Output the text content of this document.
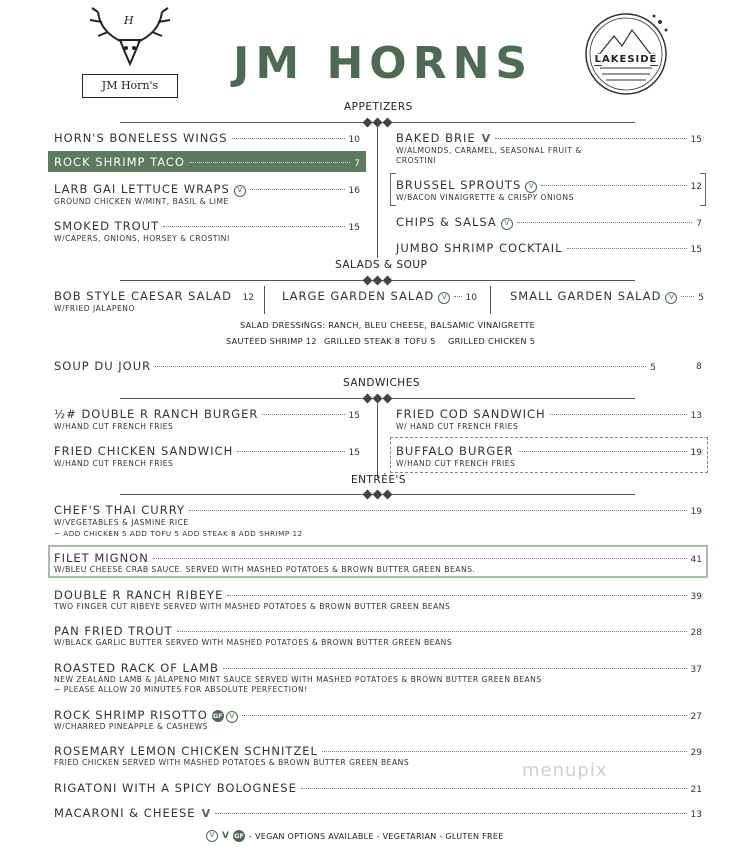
H
JM Horn's	JM HORNS	LAKESIDE
APPETIZERS
HORN'S BONELESS WINGS	10
ROCK SHRIMP TACO	7
LARB GAI LETTUCE WRAPS V	16
GROUND CHICKEN W/MINT, BASIL & LIME
SMOKED TROUT	15
W/CAPERS, ONIONS, HORSEY & CROSTINI
BAKED BRIE V	15
W/ALMONDS, CARAMEL, SEASONAL FRUIT &
CROSTINI
BRUSSEL SPROUTS V	12
W/BACON VINAIGRETTE & CRISPY ONIONS
CHIPS & SALSA V	7
JUMBO SHRIMP COCKTAIL	15
SALADS & SOUP
BOB STYLE CAESAR SALAD 12
W/FRIED JALAPENO
LARGE GARDEN SALAD V	10	SMALL GARDEN SALAD V	5
SALAD DRESSINGS: RANCH, BLEU CHEESE, BALSAMIC VINAIGRETTE
SAUTÉED SHRIMP 12 GRILLED STEAK 8 TOFU 5 GRILLED CHICKEN 5
SOUP DU JOUR	5	8
SANDWICHES
½# DOUBLE R RANCH BURGER	15
W/HAND CUT FRENCH FRIES
FRIED CHICKEN SANDWICH	15
W/HAND CUT FRENCH FRIES
FRIED COD SANDWICH	13
W/ HAND CUT FRENCH FRIES
BUFFALO BURGER	19
W/HAND CUT FRENCH FRIES
ENTRÉE'S
CHEF'S THAI CURRY	19
W/VEGETABLES & JASMINE RICE
~ ADD CHICKEN 5 ADD TOFU 5 ADD STEAK 8 ADD SHRIMP 12
FILET MIGNON	41
W/BLEU CHEESE CRAB SAUCE. SERVED WITH MASHED POTATOES & BROWN BUTTER GREEN BEANS.
DOUBLE R RANCH RIBEYE	39
TWO FINGER CUT RIBEYE SERVED WITH MASHED POTATOES & BROWN BUTTER GREEN BEANS
PAN FRIED TROUT	28
W/BLACK GARLIC BUTTER SERVED WITH MASHED POTATOES & BROWN BUTTER GREEN BEANS
ROASTED RACK OF LAMB	37
NEW ZEALAND LAMB & JALAPENO MINT SAUCE SERVED WITH MASHED POTATOES & BROWN BUTTER GREEN BEANS
~ PLEASE ALLOW 20 MINUTES FOR ABSOLUTE PERFECTION!
ROCK SHRIMP RISOTTO GF V	27
W/CHARRED PINEAPPLE & CASHEWS
ROSEMARY LEMON CHICKEN SCHNITZEL	29
FRIED CHICKEN SERVED WITH MASHED POTATOES & BROWN BUTTER GREEN BEANS	menupix
RIGATONI WITH A SPICY BOLOGNESE	21
MACARONI & CHEESE V	13
V V GF - VEGAN OPTIONS AVAILABLE - VEGETARIAN - GLUTEN FREE
